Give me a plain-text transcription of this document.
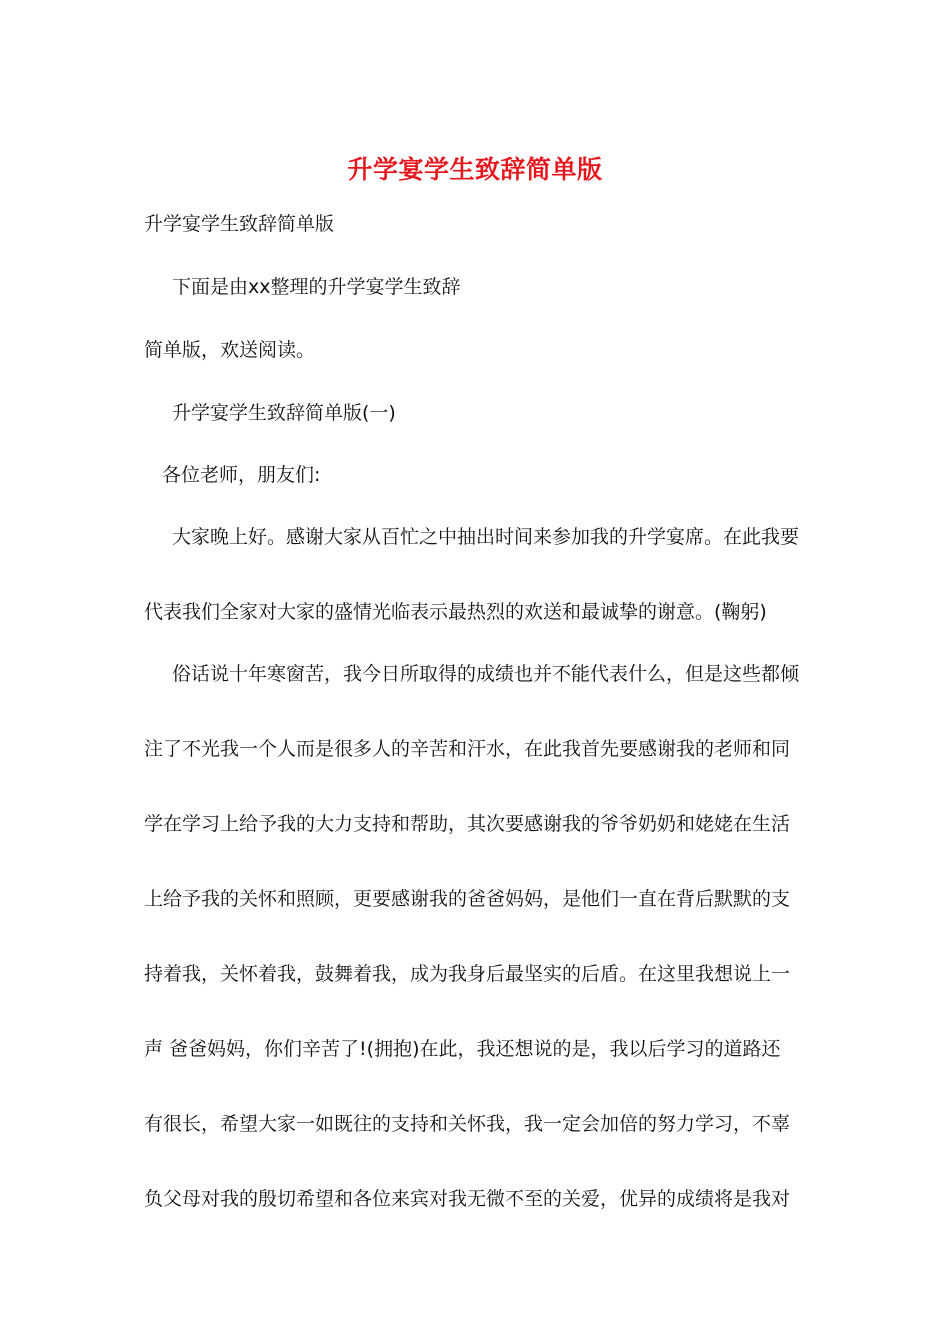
升学宴学生致辞简单版
升学宴学生致辞简单版
下面是由xx整理的升学宴学生致辞
简单版，欢送阅读。
升学宴学生致辞简单版(一)
各位老师，朋友们:
大家晚上好。感谢大家从百忙之中抽出时间来参加我的升学宴席。在此我要
代表我们全家对大家的盛情光临表示最热烈的欢送和最诚挚的谢意。(鞠躬)
俗话说十年寒窗苦，我今日所取得的成绩也并不能代表什么，但是这些都倾
注了不光我一个人而是很多人的辛苦和汗水，在此我首先要感谢我的老师和同
学在学习上给予我的大力支持和帮助，其次要感谢我的爷爷奶奶和姥姥在生活
上给予我的关怀和照顾，更要感谢我的爸爸妈妈，是他们一直在背后默默的支
持着我，关怀着我，鼓舞着我，成为我身后最坚实的后盾。在这里我想说上一
声 爸爸妈妈，你们辛苦了!(拥抱)在此，我还想说的是，我以后学习的道路还
有很长，希望大家一如既往的支持和关怀我，我一定会加倍的努力学习，不辜
负父母对我的殷切希望和各位来宾对我无微不至的关爱，优异的成绩将是我对
